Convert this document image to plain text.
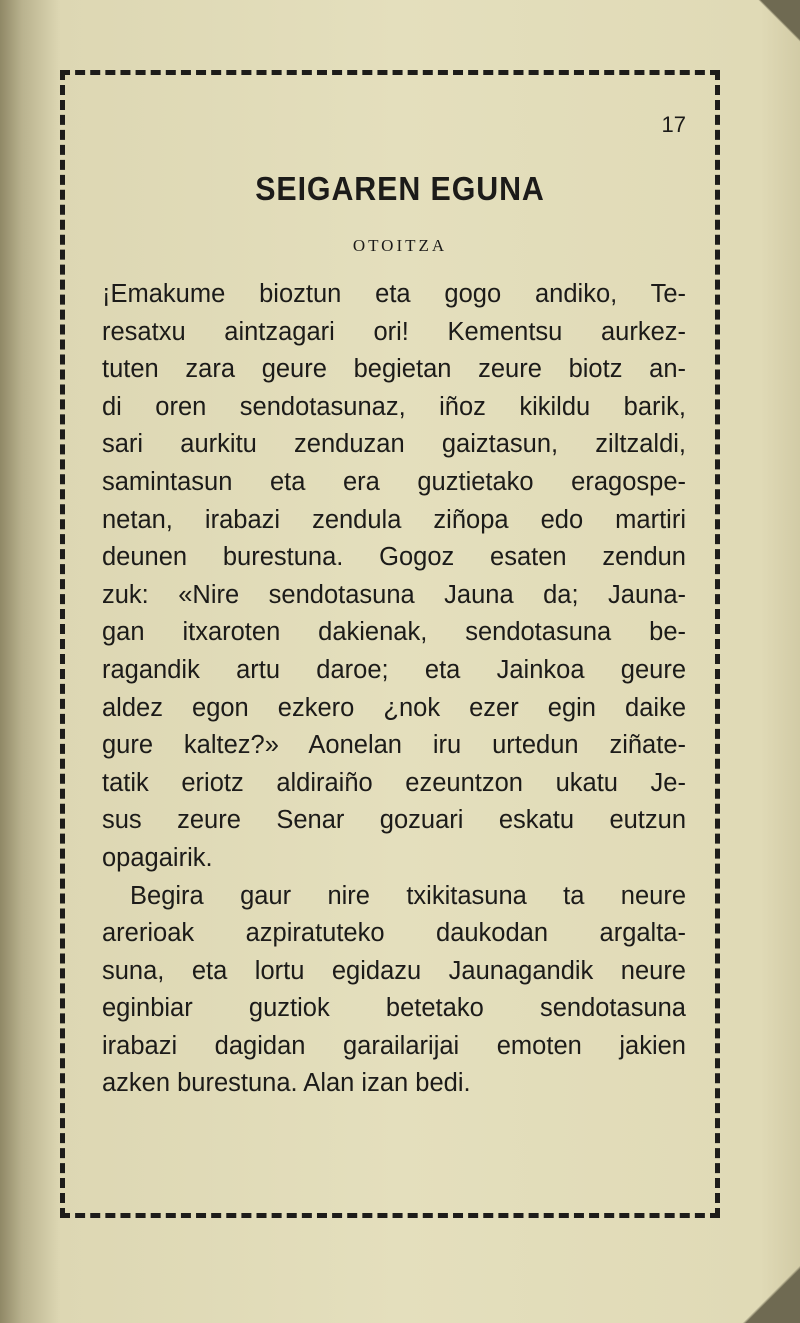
17
SEIGAREN EGUNA
OTOITZA
¡Emakume bioztun eta gogo andiko, Te-
resatxu aintzagari ori! Kementsu aurkez-
tuten zara geure begietan zeure biotz an-
di oren sendotasunaz, iñoz kikildu barik,
sari aurkitu zenduzan gaiztasun, ziltzaldi,
samintasun eta era guztietako eragospe-
netan, irabazi zendula ziñopa edo martiri
deunen burestuna. Gogoz esaten zendun
zuk: «Nire sendotasuna Jauna da; Jauna-
gan itxaroten dakienak, sendotasuna be-
ragandik artu daroe; eta Jainkoa geure
aldez egon ezkero ¿nok ezer egin daike
gure kaltez?» Aonelan iru urtedun ziñate-
tatik eriotz aldiraiño ezeuntzon ukatu Je-
sus zeure Senar gozuari eskatu eutzun
opagairik.
Begira gaur nire txikitasuna ta neure
arerioak azpiratuteko daukodan argalta-
suna, eta lortu egidazu Jaunagandik neure
eginbiar guztiok betetako sendotasuna
irabazi dagidan garailarijai emoten jakien
azken burestuna. Alan izan bedi.
